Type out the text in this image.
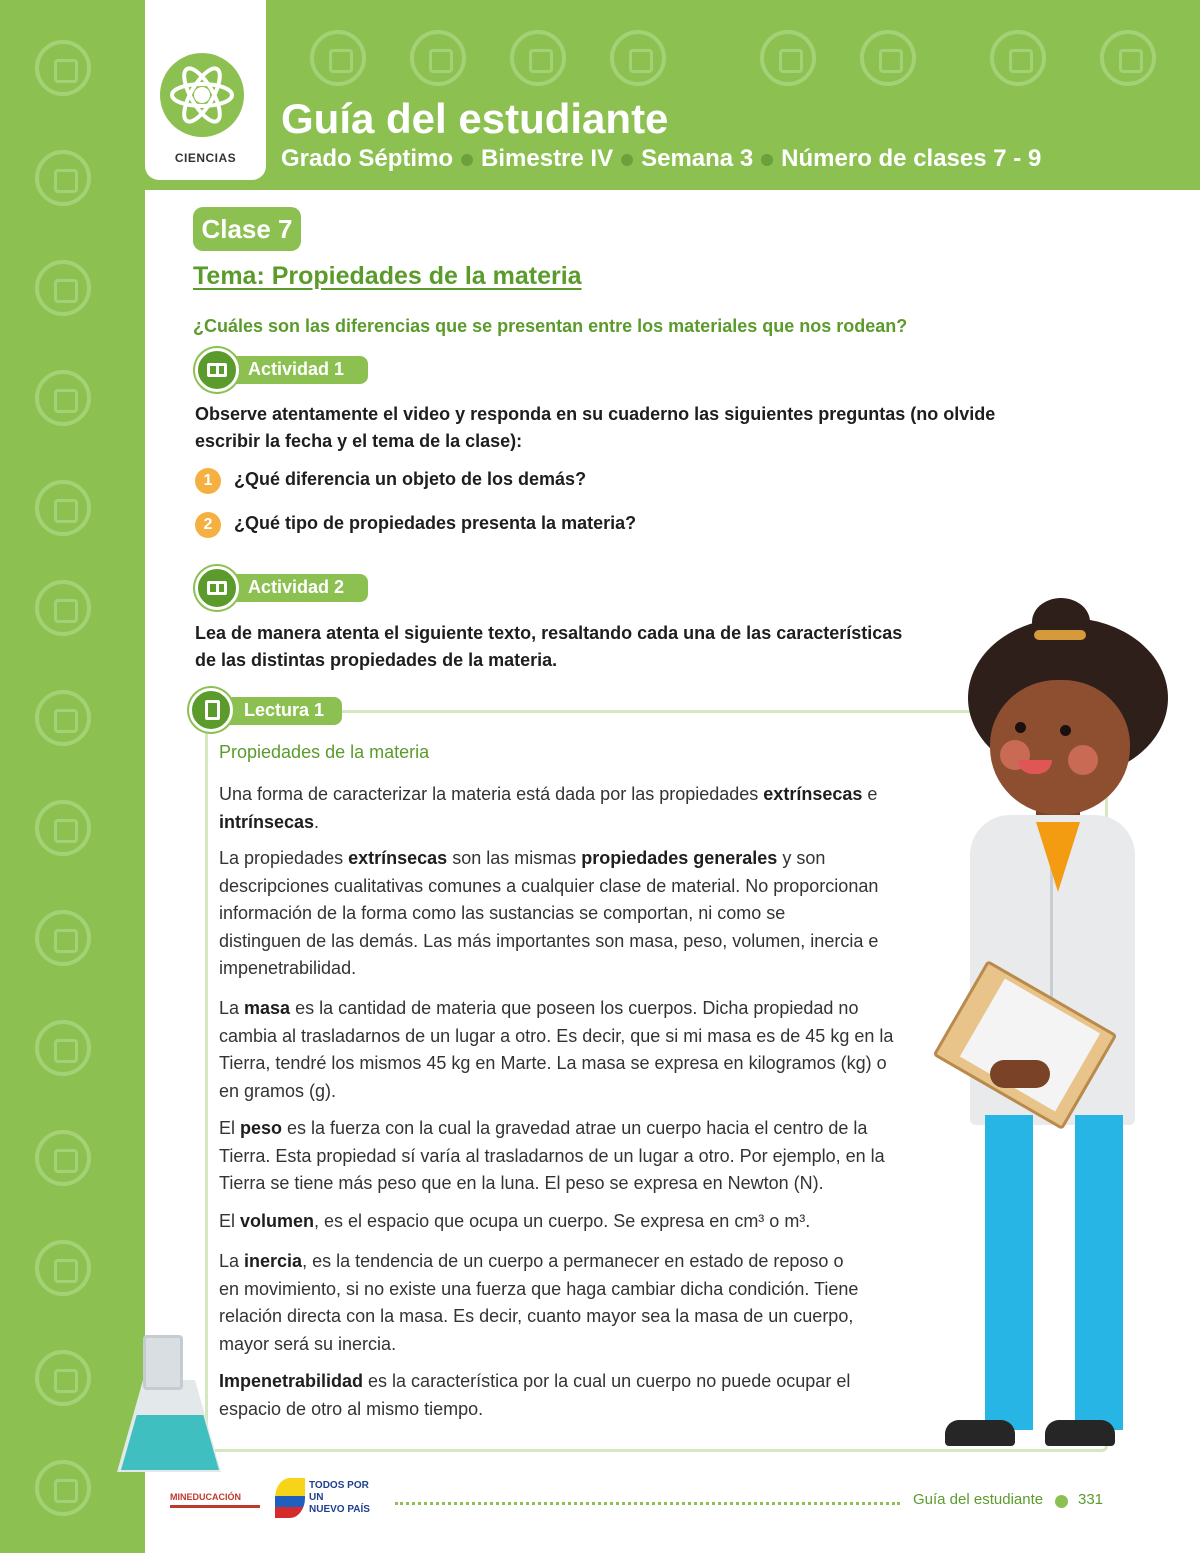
CIENCIAS
Guía del estudiante
Grado Séptimo Bimestre IV Semana 3 Número de clases 7 - 9
Clase 7
Tema: Propiedades de la materia
¿Cuáles son las diferencias que se presentan entre los materiales que nos rodean?
Actividad 1
Observe atentamente el video y responda en su cuaderno las siguientes preguntas (no olvide
escribir la fecha y el tema de la clase):
1	¿Qué diferencia un objeto de los demás?
2	¿Qué tipo de propiedades presenta la materia?
Actividad 2
Lea de manera atenta el siguiente texto, resaltando cada una de las características
de las distintas propiedades de la materia.
Lectura 1
Propiedades de la materia
Una forma de caracterizar la materia está dada por las propiedades extrínsecas e
intrínsecas.
La propiedades extrínsecas son las mismas propiedades generales y son
descripciones cualitativas comunes a cualquier clase de material. No proporcionan
información de la forma como las sustancias se comportan, ni como se
distinguen de las demás. Las más importantes son masa, peso, volumen, inercia e
impenetrabilidad.
La masa es la cantidad de materia que poseen los cuerpos. Dicha propiedad no
cambia al trasladarnos de un lugar a otro. Es decir, que si mi masa es de 45 kg en la
Tierra, tendré los mismos 45 kg en Marte. La masa se expresa en kilogramos (kg) o
en gramos (g).
El peso es la fuerza con la cual la gravedad atrae un cuerpo hacia el centro de la
Tierra. Esta propiedad sí varía al trasladarnos de un lugar a otro. Por ejemplo, en la
Tierra se tiene más peso que en la luna. El peso se expresa en Newton (N).
El volumen, es el espacio que ocupa un cuerpo. Se expresa en cm³ o m³.
La inercia, es la tendencia de un cuerpo a permanecer en estado de reposo o
en movimiento, si no existe una fuerza que haga cambiar dicha condición. Tiene
relación directa con la masa. Es decir, cuanto mayor sea la masa de un cuerpo,
mayor será su inercia.
Impenetrabilidad es la característica por la cual un cuerpo no puede ocupar el
espacio de otro al mismo tiempo.
MINEDUCACIÓN
TODOS POR UN
NUEVO PAÍS
Guía del estudiante 331
